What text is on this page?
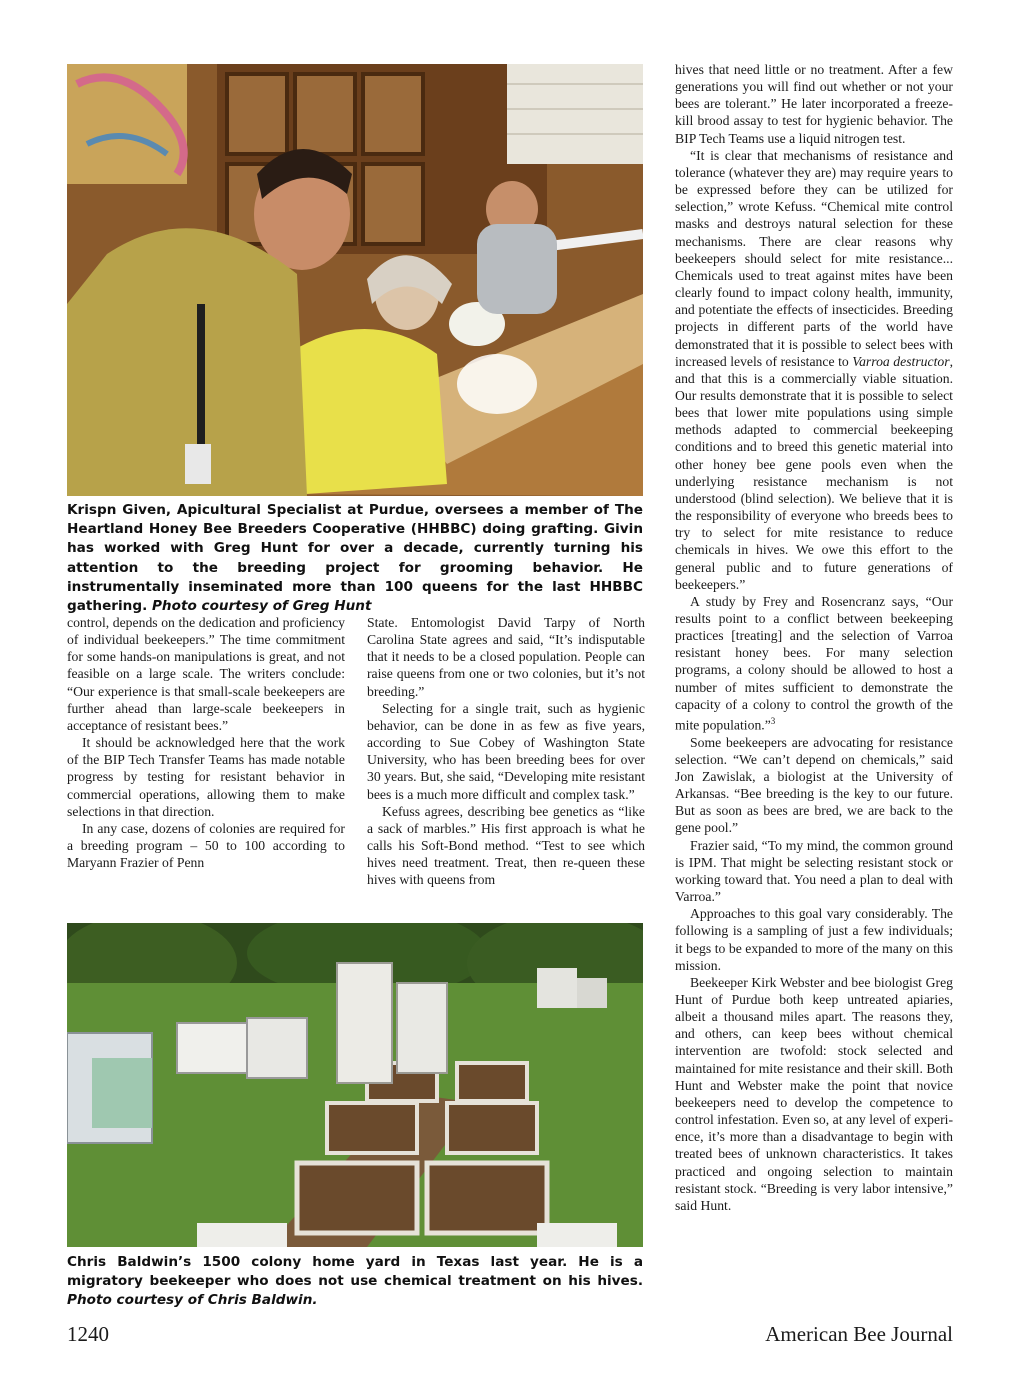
Krispn Given, Apicultural Specialist at Purdue, oversees a member of The Heartland Honey Bee Breeders Cooperative (HHBBC) doing grafting. Givin has worked with Greg Hunt for over a decade, currently turning his attention to the breeding project for grooming behavior. He instrumentally inseminated more than 100 queens for the last HHBBC gathering. Photo courtesy of Greg Hunt

control, depends on the dedication and proficiency of individual beekeepers.” The time commitment for some hands-on manipulations is great, and not feasible on a large scale. The writers conclude: “Our experience is that small-scale beekeepers are further ahead than large-scale beekeepers in acceptance of resistant bees.”

It should be acknowledged here that the work of the BIP Tech Transfer Teams has made notable progress by testing for resistant behavior in commercial operations, allowing them to make selections in that direction.

In any case, dozens of colonies are required for a breeding program – 50 to 100 according to Maryann Frazier of Penn

State. Entomologist David Tarpy of North Carolina State agrees and said, “It’s indisputable that it needs to be a closed population. People can raise queens from one or two colonies, but it’s not breeding.”

Selecting for a single trait, such as hygienic behavior, can be done in as few as five years, according to Sue Cobey of Washington State University, who has been breeding bees for over 30 years. But, she said, “Developing mite resistant bees is a much more difficult and complex task.”

Kefuss agrees, describing bee genetics as “like a sack of marbles.” His first approach is what he calls his Soft-Bond method. “Test to see which hives need treatment. Treat, then re-queen these hives with queens from

Chris Baldwin’s 1500 colony home yard in Texas last year. He is a migratory beekeeper who does not use chemical treatment on his hives. Photo courtesy of Chris Baldwin.

hives that need little or no treatment. After a few generations you will find out whether or not your bees are tolerant.” He later incorporated a freeze-kill brood assay to test for hygienic behavior. The BIP Tech Teams use a liquid nitrogen test.

“It is clear that mechanisms of resistance and tolerance (whatever they are) may require years to be expressed before they can be utilized for selection,” wrote Kefuss. “Chemical mite control masks and destroys natural selection for these mechanisms. There are clear reasons why beekeepers should select for mite resistance... Chemicals used to treat against mites have been clearly found to impact colony health, immunity, and potentiate the effects of insecticides. Breeding projects in different parts of the world have demonstrated that it is possible to select bees with increased levels of resistance to Varroa destructor, and that this is a commercially viable situation. Our results demonstrate that it is possible to select bees that lower mite populations using simple methods adapted to commercial beekeeping conditions and to breed this genetic material into other honey bee gene pools even when the underlying resistance mechanism is not understood (blind selection). We believe that it is the responsibility of everyone who breeds bees to try to select for mite resistance to reduce chemicals in hives. We owe this effort to the general public and to future generations of beekeepers.”

A study by Frey and Rosencranz says, “Our results point to a conflict between beekeeping practices [treating] and the selection of Varroa resistant honey bees. For many selection programs, a colony should be allowed to host a number of mites sufficient to demonstrate the capacity of a colony to control the growth of the mite population.”$^3$

Some beekeepers are advocating for resistance selection. “We can’t depend on chemicals,” said Jon Zawislak, a biologist at the University of Arkansas. “Bee breeding is the key to our future. But as soon as bees are bred, we are back to the gene pool.”

Frazier said, “To my mind, the common ground is IPM. That might be selecting resistant stock or working toward that. You need a plan to deal with Varroa.”

Approaches to this goal vary considerably. The following is a sampling of just a few individuals; it begs to be expanded to more of the many on this mission.

Beekeeper Kirk Webster and bee biologist Greg Hunt of Purdue both keep untreated apiaries, albeit a thousand miles apart. The reasons they, and others, can keep bees without chemical intervention are twofold: stock selected and maintained for mite resistance and their skill. Both Hunt and Webster make the point that novice beekeepers need to develop the competence to control infestation. Even so, at any level of experience, it’s more than a disadvantage to begin with treated bees of unknown characteristics. It takes practiced and ongoing selection to maintain resistant stock. “Breeding is very labor intensive,” said Hunt.

1240	American Bee Journal
